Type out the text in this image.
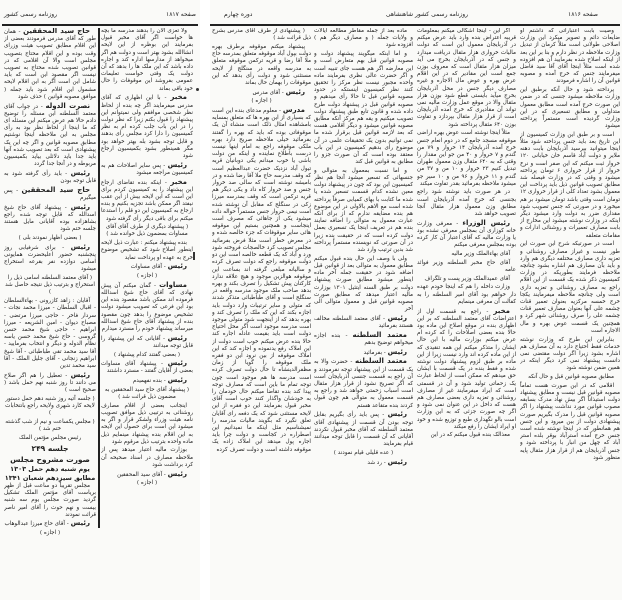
صفحه ۱۸۱۷
روزنامه رسمی کشور

ولا تعزی الآن را بدهند مدرسه ما بچه ها خواست اگر آقای مخبر قبول بفرمایند این بوظره از این لایحه انشاالله بشود بهتر است و دولت هم اگر میخواهد از مدارسها اداره کند و اجاره داده باشد که این ملک ها را بدهد که آن دولت یک وقتی خواست تعلیمات عمومی بفروشد این موقوفات را حال خود باقی بماند

مخبر - با این اظهاری که آقای مدرس میفرمایند اگر چه بنده از لحاظ نظر شخصی موافقم ولی نمیتوانم این پیشنهاد را قبول بکنم زیرا که نظر دولت را در این باب جلب کرده ام به نظر کمیسیون را دارا کرد مجلس رأی بدهند و قابل توجه بشود بله بهتر خواهد بود مگر همینطور بشود بکمیسیون ارجاع شود

رئیس - پس سایر اصلاحات هم به کمیسیون مراجعه میشود

مخبر - اینکه بنده تقاضای ارجاع این پیشنهاد را به کمیسیون کردم برای این است که این لایحه بیش از این عقب نیفتد اگر ممکن باشد تجزیه بکنیم و بنده ارجاع به کمیسیون این دو قلم را استدعا میکنم برای باقی دیگر رأی گرفته شود

( پیشنهاد دیگری از طرف آقای آقای مساوات بمضمون ذیل خوانده شد )

بنده پیشنهاد میکنم : عبارت ذیل لایحه اینطور اصلاح شود که تشخیص موضوع خرج به عهده او پرداخت نماید

رئیس - آقای مساوات

( اجازه )

مساوات - گمان میکنم آن پیش نهادی که آقای حاج شیخ اسدالله فرموده اند ممکن باشد مقصود بنده این بود این فرعی که تصویب میشود دولت تشخیص موضوع را بدهد چون مقصود بنده از پیشنهاد آقای حاج شیخ اسدالله میرساند پیشنهاد خودم را مسترد میدارم

رئیس - آقایانی که این پیشنهاد را قابل توجه میدانند

( بعضی گفتند کدام پیشنهاد )

رئیس - پیشنهاد آقای مساوات بعضی از آقایان گفتند - مسترد داشتند

رئیس - بنده نفهمیدم

( پیشنهاد آقای حاج سید المحققین به مضمون ذیل قرائت شد )

اینجانب بعضی از اقلام مصارف روشنائی به ترتیبی ذیل موافق تصویب نامه هیئت وزراء ولشکر قرار و اگر به میشود این است برای حصول این لایحه به این اقلام بنده پیشنهاد مینمایم ذیل ماده واحده بترتیب ذیل مرقوم شود

بوزارت مالیه اعتبار میدهد پس از ملاحظه مصارف در اسناد صحیحه آن کرد برداشت شود

رئیس - آقای سید المحققین

( اجازه )

حاج سید المحققین - همان طور که آقای مدرس فرمودند بعضی از این اقلام مطابق تصویب هیئت وزرای وقت بوده و این اقلام محتاج بتصویب مجلس است والا آن اقلامی که در قوانین تصویب شده محتاج به تصویب نیست اگر مقصود این است که باید شامل این است اگر به این اقلام لایحه مشمول این اقلام شود باید جمله ( موافق مصوبه قوانین ) حذف شود

نصرت الدوله - در جواب آقای معتمد السلطنه این مسئله را توضیح دادم حالا هم عرض میکنم این مسئله ای که ما اینجا از لحاظ نظر بود به رأی مجلس به این ملاحظه اینجا نوشتیم مطابق مصوبه قوانین و اگر چه این یک پیشنهادی است که بعد تصویب شده آنها باید جدا باید دلائلی بیاید بکمیسیون مربوطه و در آنجا جدا گردد

رئیس - باید رأی گرفته شود به قابل توجه بودن

حاج سید المحققین - پس میگیرم

رئیس - پیشنهاد آقای حاج شیخ اسدالله که قابل توجه شده راجع بشاهزاده بوده آقایانی مایل هستند جلسه ختم شود

( بعضی اظهار نمودند بلی )

رئیس - برای شرفیابی روز پنجشنبه حضور اعلیحضرت همایونی اسامی دوازده نفر بقرعه استخراج میشود

( آقای معتمد السلطنه اسامی ذیل را استخراج و بترتیب ذیل نتیجه حاصل شد )

آقایان : زاهد کازرونی - بهاءالسلطان - اقبال السلطان - میرزا محمد نجات - سردار فاخر - حاجی میرزا مرتضی - مصباح دیوان - امین الشریعه - میرزا ابراهیم - حاجی شیخ محمد حسن گروسی - حاج شیخ محمد حسن یاسه نظام الدوله و دیگر و انتخاب بفرمایید - آقا سید محمد تقی طباطبائی - آقا شیخ ابراهیم زنجانی - آقای جلیل الملک - آقا سید محمد تدین

رئیس - تعطیل را هم اگر صلاح می دانند تا روز شنبه نهم حمل باشد ( صحیح است )

( جلسه آتیه روز شنبه دهم حمل دستور لایحه کارد شهری ولایحه راجع بانتخابات )

( مجلس یکساعت و نیم از شب گذشته ختم شد )

رئیس مجلس مؤتمن الملک

جلسه ۲۴۹
صورت مشروح مجلس
یوم شنبه دهم حمل ۱۳۰۳
مطابق سیزدهم شعبان ۱۳۴۱

مجلس تقریباً دو ساعت قبل از ظهر بریاست آقای مؤتمن الملک تشکیل گردید صورت مجلس یوم سه شنبه بیست و نهم حوت را آقای امیر ناصر قرائت نمودند

رئیس - آقای حاج میرزا عبدالوهاب

( اجازه )

صفحه ۱۸۱۶
روزنامه رسمی کشور شاهنشاهی
دوره چهارم

وصیت بابت اعتباراتی که داشتم او ضایعات دائم و تصویر میکرد این وزارت اصلاحی طولانی است مثلاً کرمان از تبدیل وزارت ملاحظه در نظر دارم و بنا بر این بعد از اینکه اصلاح شده بفرمایید آن هم افزوده شده است مثلاً اینجا آقای آقا سید فاضل میفرمایند جنس که خرج آمده و مصوبه قوانین آن را اشاره فرمودند

پرداخته شود و حال آنکه برطبق این وزارت ملاحظه میشود جنسی که در ضمن این صورت خرج آمده است مطابق معمول متداولی و مطابق تسعیری که در این وزارت گردیده است مستمراً پرداخته میشود

است و بر طبق این وزارت کمیسیون از این تاریخ بعد باید جنس پرداخته شود مثلاً اینجا میتوانید بپرسید آذربایجان بابت دهنه ملایر و دولت آباد قاسم خان خیابانی ۱۲۰ خروار ثبت میکنم که این صفر است و نرخ خروار از قرار خرواری ۶ تومان پرداخته میشود و وقتی که در وزارت فیصله شد مطابق تصویب قوانین ذیل باید پرداخت این معمول بشود تعداد کلی از قرار خرواری ۱۲ تومان است وقتی باشد تومان میشود بر هم میخورد و در صورتی که جنس تصویب شود مقداری ضرر به دولت وارد میشود دیگر اینکه در وزارت نوشته میشود این مخارج از بابت مصارف تعمیرات و روشنائی ادارات و مقامات متعلقه

است در صورتیکه شرح این صورت این طور نیست و غیراز مصارف روشنائی و تعزیه داری مصارف مختلفه دیگری هم وارد و باید بآن مصارف هم اشاره بشود چنانچه ملاحظه فرمایند بطوریکه در وزارت کمیسیون ذکر شده یک قسمت از این اقلام راجع به مصارف روشنائی و تعزیه داری است ولی چنانچه ملاحظه میفرمایند یکجا خرج خمسه مرکزیه بعنوان تعمیر قنات چشمه علی آنها بعنوان مصارف تعمیر قنات چشمه علی را صرف روشنائی شهر کرد و همچنین یک قسمت عوض بهره و مال الاجاره است

بنابراین این طرح که وزارت نوشته خدمات فقط احتیاج دارد به آن مصارف هم اشاره بشود زیرا اگر دولت مقتضی نمی دانست پیشنهاد نمی کرد دیگر اینکه در همین ضمن نوشته شود

مطابق مصوبه قوانین قبل و حال آنکه

اقلامی که در این صورت هست تماماً مصوبه قوانین قبل نیست و مطابق پیشنهاد دولت استیذاناً اگر بیش نهاد مدرک بسابقه مصوب قوانین مورد نداشت پیشنهاد را اگر مصوبه قوانین قبل را مدرک بگیریم صورت پیشنهادی دولت از بین میرود و این جنس هم همانطور که در اینجا نوشته شده است جنس خرج آمده استرآباد بوقر بلده استر آباد که چهل من انبار با پرداخته شود و جنس آذربایجان هم از قرار هزار مثقال پایه منظور شود

اگر این - اینجا اشکالی میکنم بمعلومات قریبه اعتراض بنده وارد باید عرض میکنم در آذربایجان معمول این است که دولت مالیات خرواری هزار مثقال دریافت میدارد و جنس که در آذربایجان بخرج می آید میزان هزار مثقال است که معروف بوزن جمع است این مقادیر که در این اقلام عرض بهره و عوض مال الاجاره و غیره مصارف دیگر جنس در محل آذربایجان بخرج میآید بایستی قطع شود بوزن هزار مثقال والا در موقع عمل وزارت مالیه نمی تواند آن مقادیری که خرج آمده آذربایجان است از قرار هزار مثقال بپردازد و تفاوت بوزن ۶۴۰ مثقال پرداخته شود

مثلاً اینجا نوشته است عوض بهره اراضی موقوفه مسجد جامع که در دوم انعام جنس خرج آمده آذربایجان ۱۴ خروار و ۷۹ من گندم و ۷ خروار و ۴۰ من جو این مقدار را وقتی که به ۶۴۰ مثقال وزن معمول طهران تبدیل کنیم ۲۳ خروار و ۱۰ من و ۳۷ من گندم و ۱۱ خروار و ۹۶ من و ۱۰ سیر جو میشود ملاحظه بفرمائید بقدر تفاوت میکند

در هر صورت باید نوشته شود راجع بجنسی که خرج آمده آذربایجان است مطابق وزن معمول هزار مثقال آنجا تصویب خواهد شد

رئیس الوزراء - معرفی وزارت خانه کوزاری آن بمجلس معرفی نشده بود یا وزارت مالیه که آقای اعتبار آن کار کرده بوده بمجلس معرفی میکنم

آقای بهاءالملک وزیر مالیه

آقای حاج مخبر السلطنه وزیر فوائد عامه

آقای عمیدالملک وزیر پست و تلگراف

وزارت داخله را هم که اینجا خودم عهده دار خواهم بود آقای امیر السلطنه را به کفالت آن معرفی مینمایم

مخبر - راجع به قسمت اول از اعتراضات آقای معتمد السلطنه که بر این اظهاری بنده در موقع اصلاح این ماده بود حالا بنده بعضی اصلاحات را که کرده ام عرض میکنم بوزارت مالیه با این حال ایشان را متذکر میکنم این همه تنقیدی که از این ماده کرده اند وارد نیست زیرا از این ماده بر طبق لزوم پیشنهاد دولت نوشته شده و فقط بنده در یک قسمت با ایشان حق میدهم که ممکن است از لحاظ عبارت یک زحماتی تولید شود و آن در قسمتی است که ایراد میفرمایند غیر از مصارف روشنائی و تعزیه داری بعضی مصارف هم هست که داخل در این عنوان نمی شود و اگر چه صورت جزئی که به این وزارت است بالو نگهداری طبع و توزیع شده و خود او ایراد ایشان را رفع میکند

معذالک بنده قبول میکنم که در این

ماده بعد از جمله مقاطر مطالعه ایالات و ولایات جمله ( و مصارف دیگر هم ) افزوده شود

و اما اینکه میگویند پیشنهاد دولت و مصوبه قوانین قبل بهم متعارض است و این معارضه اگر هم هست جای تنبیه است و اگر حضرت عالی نظری بفرمایند ماده واحده مجبور نیست نظر مرکز را تحقیق کنند نظر کمیسیون اینستکه در حدود مصوبه قوانین قبل تا حالا رأی میدهیم و مصوبه قوانین قبل در پیشنهاد دولت طرح داده شده و قانون تابع طبق پیشنهاد دولت تصویب میکنیم و یقه هم مرکز آنکه مطابق مصوبه قوانین میشود و دیگر اقلامی هست که بعد لازمه قوانین قبل برقرار شده ما نمی توانیم بدون یک تحقیقات علمی در آن موضوع رأی بدهیم کمیسیون در این باب معتقد بوده است که آن صورت جزو را مطابق به قوانین قبل کند

و اما نسبت بمعمول به متوالی و جنسهائی که تسعیر میشود آنجا هم نظر کمیسیون این بود که چون در پیشنهاد دولت معین نشده کدام قسمت تسعیر شده یا شده ما کتابت با بهای کمیابی صرفاً پرداخته شده است مع الاهم بالاولی در این موضوع هم بنده مضایقه ندارم که از برای آنکه عبارت معمول به متوالی را اضافه نمایند بنده هم در تعریف اینجا یک تسعیری بعمل دولت کرده است که در حقیقت بنده زیرا در آن صورتی که نویسنده مستمراً پرداخته شد بدین ترتیب وارد شد

ولی با وصف این حال بنده قبول میکنم مطابق معمول به متوالی بعد از قوانین قبل اضافه شود در حقیقت جمله آخر ماده اینطور میشود مطابق صورت پیشنهاد دولت بر طبق السنه ایتئیل ۱۳۰۱ بوزارت مالیه اعتبار میدهد که مطابق صورت مصوبه قوانین قبل و معمول متوالی الی آخر

رئیس - آقای معتمد السلطنه مخالف هستند بفرمائید

معتمد السلطنه - بنده اجازه میخواهم توضیح بدهم

رئیس - بفرمائید

معتمد السلطنه - حضرت والا به یک قسمت از این پیشنهاد توجه نفرمودند و آن راجع به قسمت جنسی آذربایجان است که اگر تصریح نشود از قرار هزار مثقال است اسباب زحمتی خواهد شد و راجع به قسمت معمول به متوالی هم چون قبول کردند بنده متقاعد هستم

رئیس - پس باید رأی بگیریم بقابل توجه بودن آن قسمت از پیشنهادی آقای معتمد السلطنه که آقای مخبر قبول نکردند آقایانی که آن قسمت را قابل توجه میدانند قیام بفرمایند

( عده قلیلی قیام نمودند )

رئیس - رد شد

( پیشنهادی از طرف آقای مدرس بشرح ذیل قرائت شد )

پیشنهاد میکنم موقوفه برطرف بهره دولت بپول آباد موقوفه متعلق بمدرسه حاج ملا آقا رضا و قریه ترکمن موقوفه متعلق به مدرسه واقعه در سنگلج از لایحه مستثنی شود و دولت رأی بدهد که این موقوفات را بهمان حال بماند

رئیس - آقای مدرس

( اجازه )

مدرس - معلوم مدعای بنده این است که بسیاری از این بهره ها که متعلق بمسایه بامشاهده امثال ذلک است منشاء آن یک موقوفاتی بوده که باید که بهره را گفتند بفرمائید خیلی ملاحظه صریح دارد بهره ملکی موقوفه راجع به امام اینها نیست درست باطلاع نماینده و اینکه من دولت باشی یا خوب میدانم یکی دوبانیان قریه تیول آباد نزدیک حضرت عبدالعظیم است که وقف مدرسه حاج ملا آقا رضا شده و در بامیشه نوشته است که سالی صد خروار جنس و صد خروار کاه داد و یکی دیگر هم قریه ترکمن است که وقف بمدرسه میرزا زکی در سنگلج که مقابل آن نوشته شده است نیمی خروار جنس مستمراً حواله داده میشود یکی از جاهائی که مصرف است اینجاست و همچنین بستیم این موقوفه هائی سایر موقوفات که جزء خالصه شده و در معرض خطر است مثلا فرض بفرمائید مجلس تصویب کرد خالصجات فروخته شود ورد و آباد که یک قطعه خالصه است این دو دولت موقوفه راجع که دولت تصرف کرده و سالیانه مبلغی گرفته اند بساعت این موقوفه هوالزین موجود و هیچ علاقه ندارد کارکنان پیش تشکیل را تصرف بکند و بهره بدهد صاحب ملک موجود مدرسه واقعه در سنگلج است و آقای طباطبائی متذکر شدند که متولی و سایر ترتیبات وارد دولت باید اجازه بکند که این که ملک را تصرف کند و بهره بدهد که از اینجهت شود متولی موجود است مدرسه موجود است اگر محل احتیاج دولت است باید بقیمت عادله اجاره کند حالا بنده عرض میکنم خوب است دولت از این املاک رفع یدنموده و اجازه کند که این املاک موقوفه از بین نرود این دو فقره ملک موقوفه را گویا از زمان مظفرالدینشاه تا حال دولت تصرف کرده است مدرسه ها هم موجود است چون توجه تمام ما باین است که مصارف توجه پیدا کند بنده تقاضا میکنم حال خودمان را به خودشان واگذار کنند خوب است آقای مخبر قبول بفرمایند این دو فقره از این لایحه مستثنی شود که یک دفعه رای آقایان تعلق نگیرد که بگویند مالیات مدرسه را نمیشناسیم مثل اینکه ما نمیدانیم این اصطراره در کجاست و دولت چرا باید اجاره پول میدهد این املاک زاده یک موقوفه داشته است و دولت تصرف کرده
